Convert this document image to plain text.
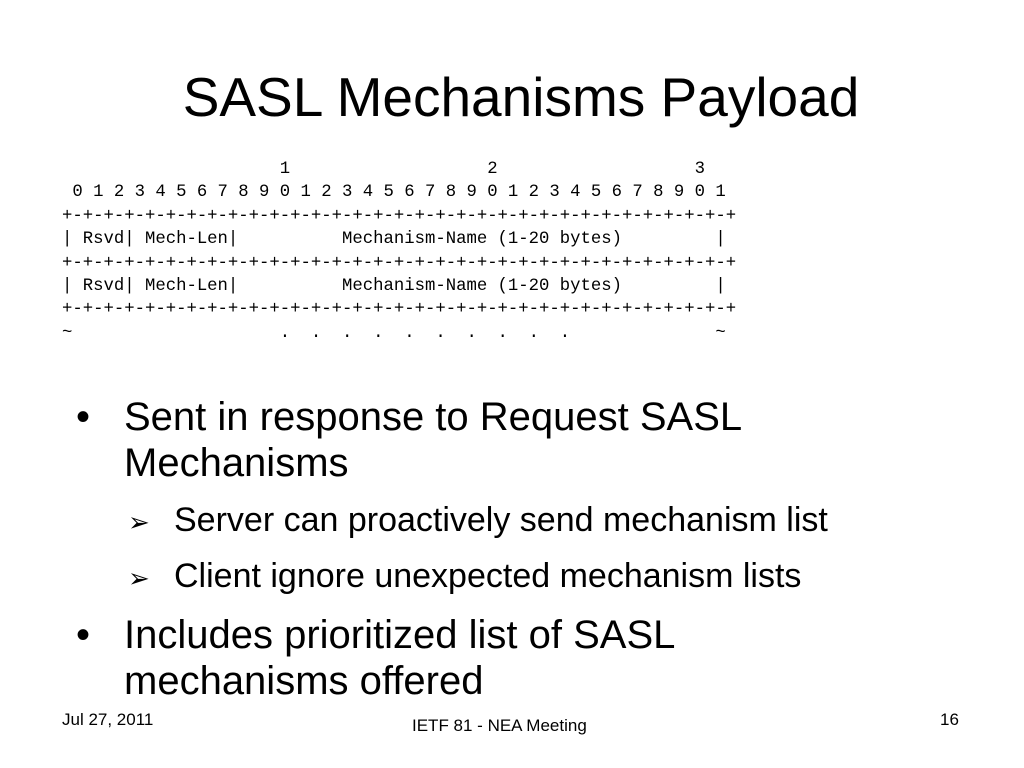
SASL Mechanisms Payload
1                   2                   3
0 1 2 3 4 5 6 7 8 9 0 1 2 3 4 5 6 7 8 9 0 1 2 3 4 5 6 7 8 9 0 1
+-+-+-+-+-+-+-+-+-+-+-+-+-+-+-+-+-+-+-+-+-+-+-+-+-+-+-+-+-+-+-+-+
| Rsvd| Mech-Len|          Mechanism-Name (1-20 bytes)         |
+-+-+-+-+-+-+-+-+-+-+-+-+-+-+-+-+-+-+-+-+-+-+-+-+-+-+-+-+-+-+-+-+
| Rsvd| Mech-Len|          Mechanism-Name (1-20 bytes)         |
+-+-+-+-+-+-+-+-+-+-+-+-+-+-+-+-+-+-+-+-+-+-+-+-+-+-+-+-+-+-+-+-+
~                    .  .  .  .  .  .  .  .  .  .              ~
• Sent in response to Request SASL Mechanisms
➢ Server can proactively send mechanism list
➢ Client ignore unexpected mechanism lists
• Includes prioritized list of SASL mechanisms offered
Jul 27, 2011	IETF 81 - NEA Meeting	16
